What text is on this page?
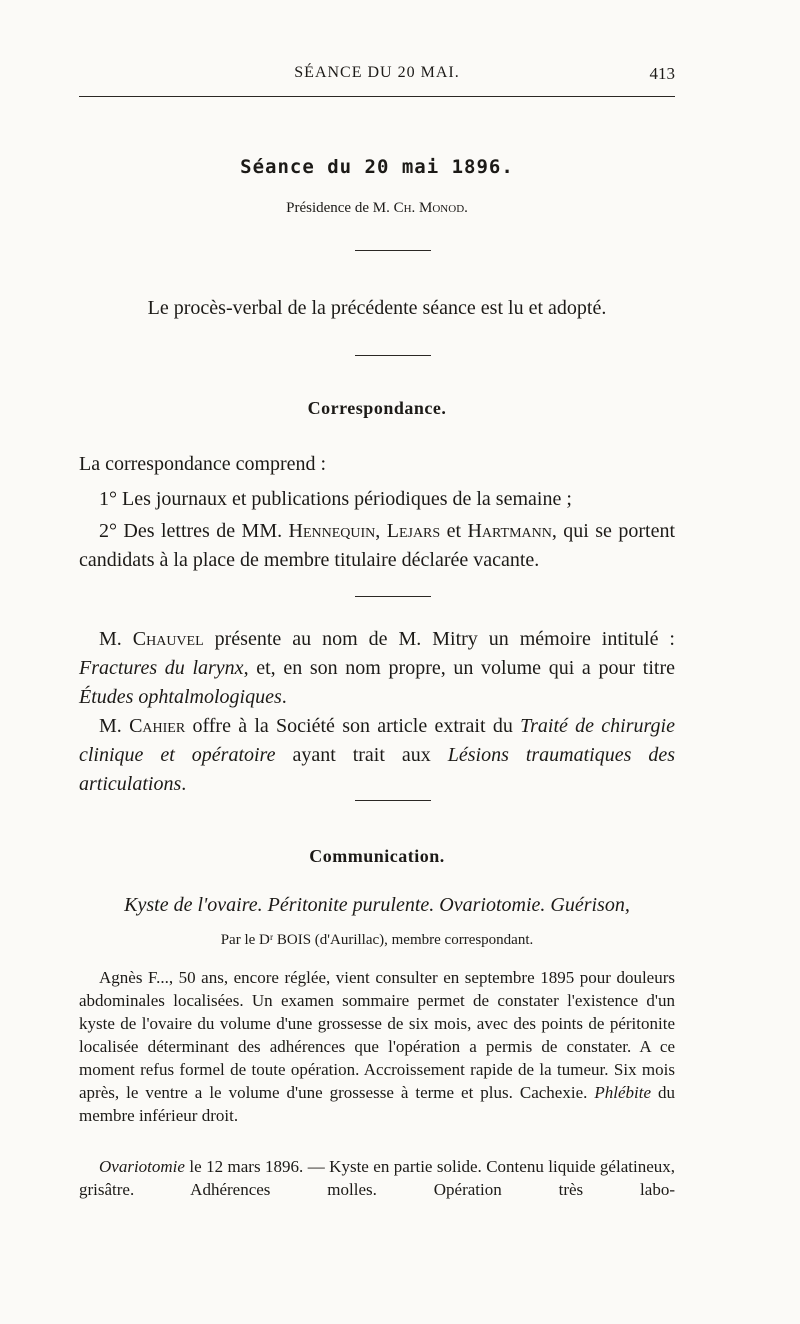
SÉANCE DU 20 MAI.	413
Séance du 20 mai 1896.
Présidence de M. Ch. Monod.
Le procès-verbal de la précédente séance est lu et adopté.
Correspondance.
La correspondance comprend :
1° Les journaux et publications périodiques de la semaine ;
2° Des lettres de MM. Hennequin, Lejars et Hartmann, qui se portent candidats à la place de membre titulaire déclarée vacante.
M. Chauvel présente au nom de M. Mitry un mémoire intitulé : Fractures du larynx, et, en son nom propre, un volume qui a pour titre Études ophtalmologiques.
M. Cahier offre à la Société son article extrait du Traité de chirurgie clinique et opératoire ayant trait aux Lésions traumatiques des articulations.
Communication.
Kyste de l'ovaire. Péritonite purulente. Ovariotomie. Guérison,
Par le Dʳ BOIS (d'Aurillac), membre correspondant.
Agnès F..., 50 ans, encore réglée, vient consulter en septembre 1895 pour douleurs abdominales localisées. Un examen sommaire permet de constater l'existence d'un kyste de l'ovaire du volume d'une grossesse de six mois, avec des points de péritonite localisée déterminant des adhérences que l'opération a permis de constater. A ce moment refus formel de toute opération. Accroissement rapide de la tumeur. Six mois après, le ventre a le volume d'une grossesse à terme et plus. Cachexie. Phlébite du membre inférieur droit.
Ovariotomie le 12 mars 1896. — Kyste en partie solide. Contenu liquide gélatineux, grisâtre. Adhérences molles. Opération très labo-
